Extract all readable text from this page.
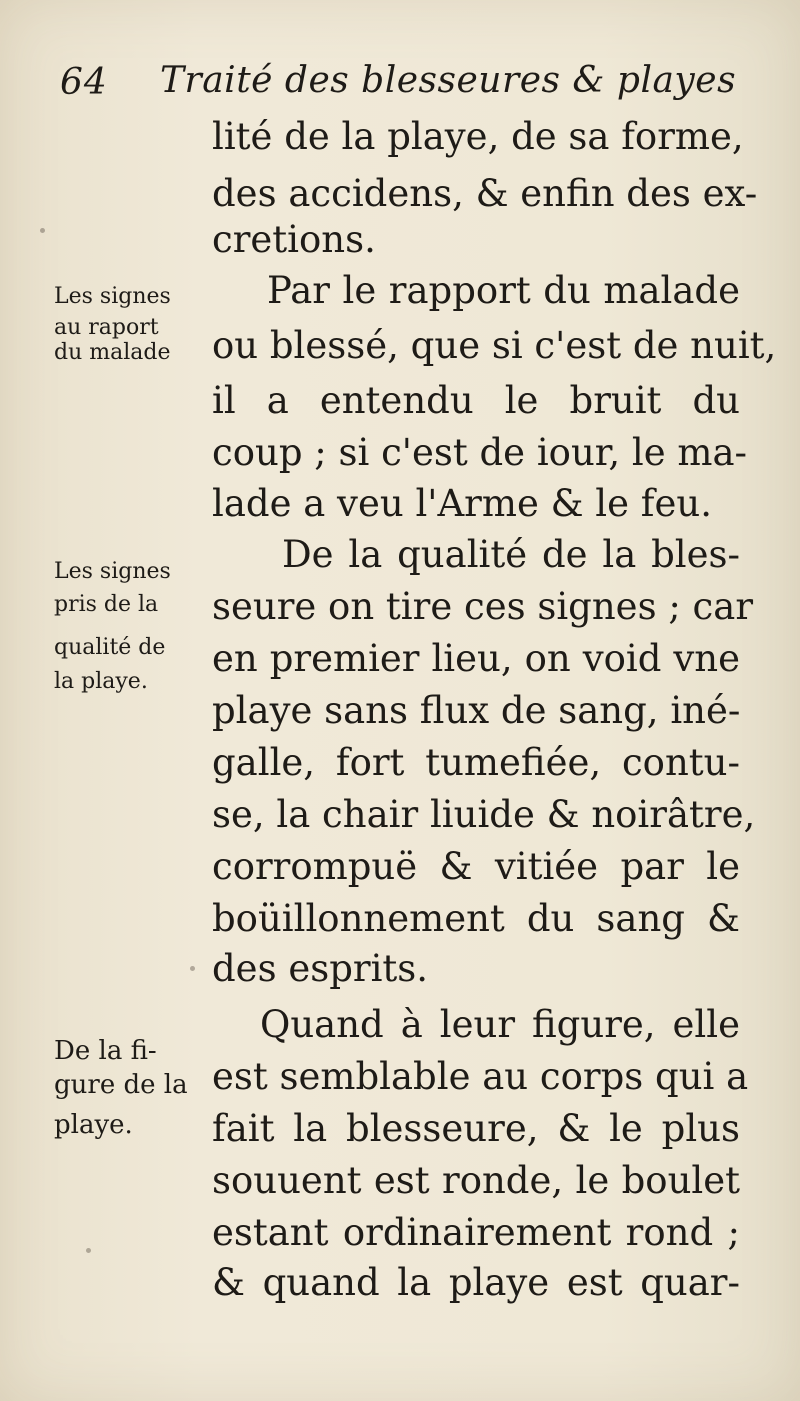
64 Traité des blesseures & playes
lité de la playe, de sa forme,
des accidens, & enfin des ex-
cretions.
Par le rapport du malade
ou blessé, que si c'est de nuit,
il a entendu le bruit du
coup ; si c'est de iour, le ma-
lade a veu l'Arme & le feu.
De la qualité de la bles-
seure on tire ces signes ; car
en premier lieu, on void vne
playe sans flux de sang, iné-
galle, fort tumefiée, contu-
se, la chair liuide & noirâtre,
corrompuë & vitiée par le
boüillonnement du sang &
des esprits.
Quand à leur figure, elle
est semblable au corps qui a
fait la blesseure, & le plus
souuent est ronde, le boulet
estant ordinairement rond ;
& quand la playe est quar-
Les signes
au raport
du malade
Les signes
pris de la
qualité de
la playe.
De la fi-
gure de la
playe.
